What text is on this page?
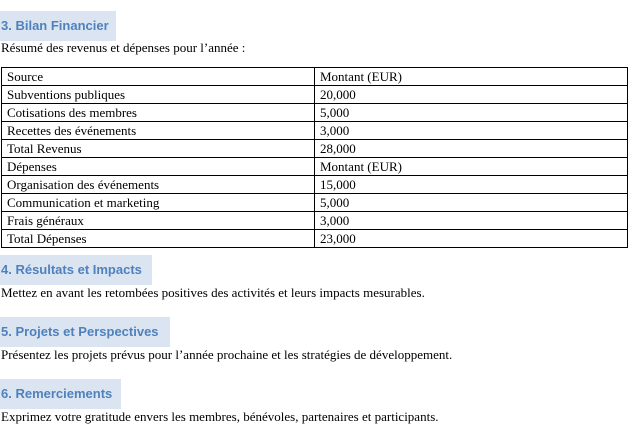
3. Bilan Financier
Résumé des revenus et dépenses pour l’année :
Source	Montant (EUR)
Subventions publiques	20,000
Cotisations des membres	5,000
Recettes des événements	3,000
Total Revenus	28,000
Dépenses	Montant (EUR)
Organisation des événements	15,000
Communication et marketing	5,000
Frais généraux	3,000
Total Dépenses	23,000
4. Résultats et Impacts
Mettez en avant les retombées positives des activités et leurs impacts mesurables.
5. Projets et Perspectives
Présentez les projets prévus pour l’année prochaine et les stratégies de développement.
6. Remerciements
Exprimez votre gratitude envers les membres, bénévoles, partenaires et participants.
